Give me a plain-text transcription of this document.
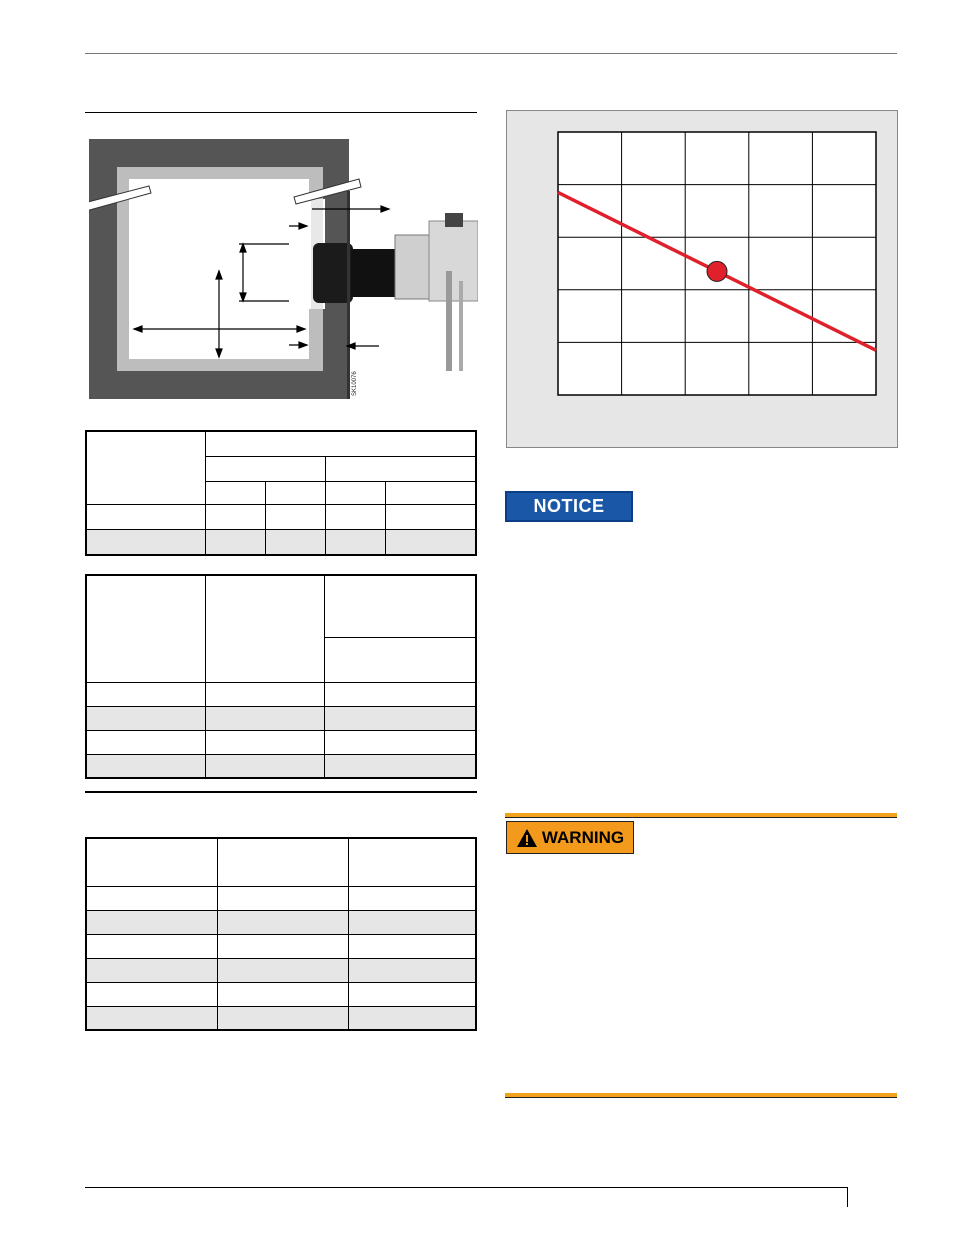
SK10076

NOTICE
WARNING
